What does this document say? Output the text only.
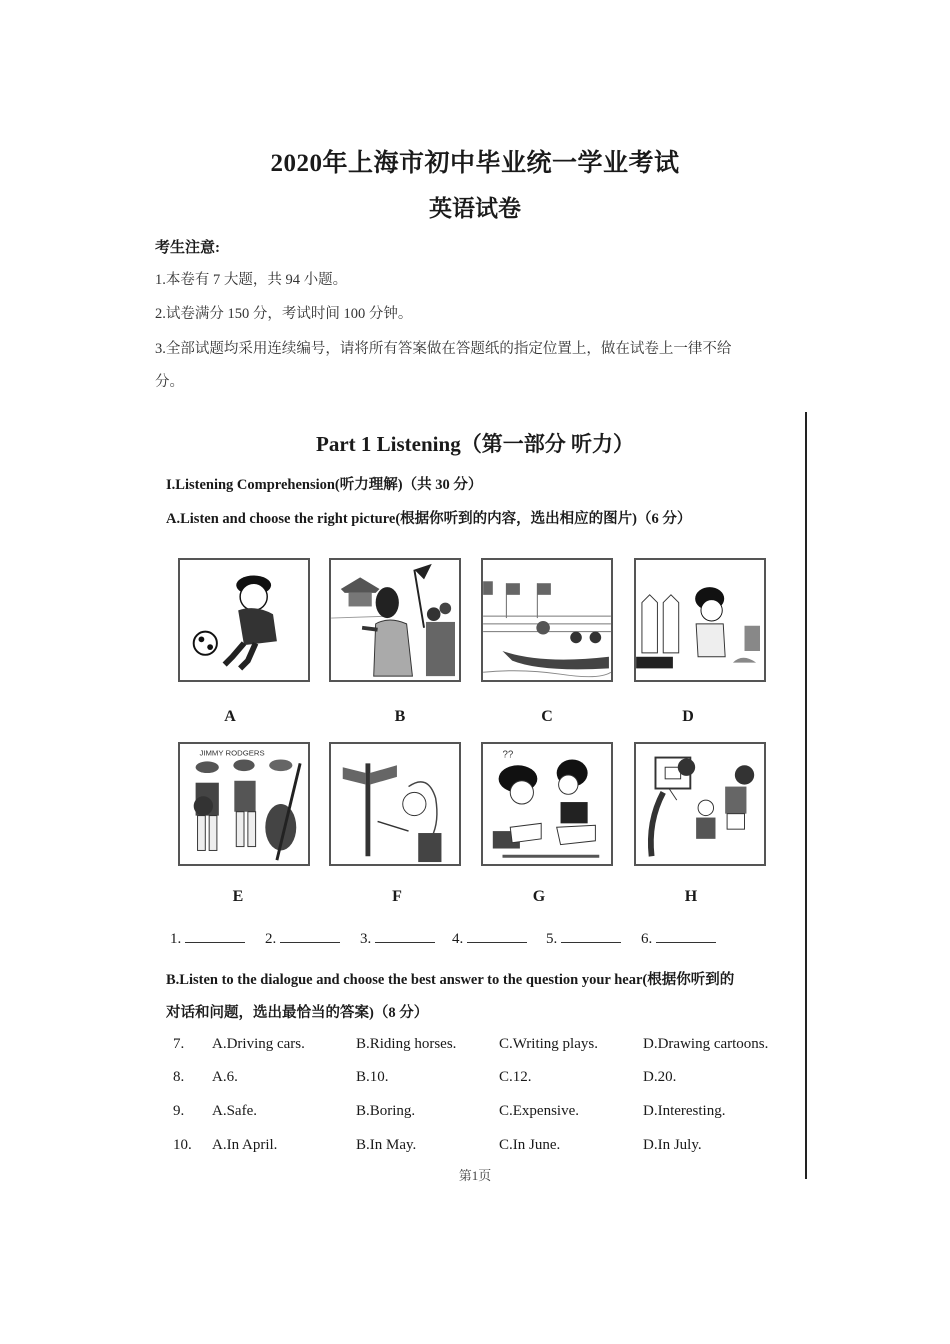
2020年上海市初中毕业统一学业考试
英语试卷
考生注意:
1.本卷有 7 大题，共 94 小题。
2.试卷满分 150 分，考试时间 100 分钟。
3.全部试题均采用连续编号，请将所有答案做在答题纸的指定位置上，做在试卷上一律不给
分。
Part 1 Listening（第一部分 听力）
I.Listening Comprehension(听力理解)（共 30 分）
A.Listen and choose the right picture(根据你听到的内容，选出相应的图片)（6 分）
A	B	C	D
JIMMY RODGERS	??
E	F	G	H
1.	2.	3.	4.	5.	6.
B.Listen to the dialogue and choose the best answer to the question your hear(根据你听到的
对话和问题，选出最恰当的答案)（8 分）
7. A.Driving cars.	B.Riding horses.	C.Writing plays.	D.Drawing cartoons.
8. A.6.	B.10.	C.12.	D.20.
9. A.Safe.	B.Boring.	C.Expensive.	D.Interesting.
10. A.In April.	B.In May.	C.In June.	D.In July.
第1页
